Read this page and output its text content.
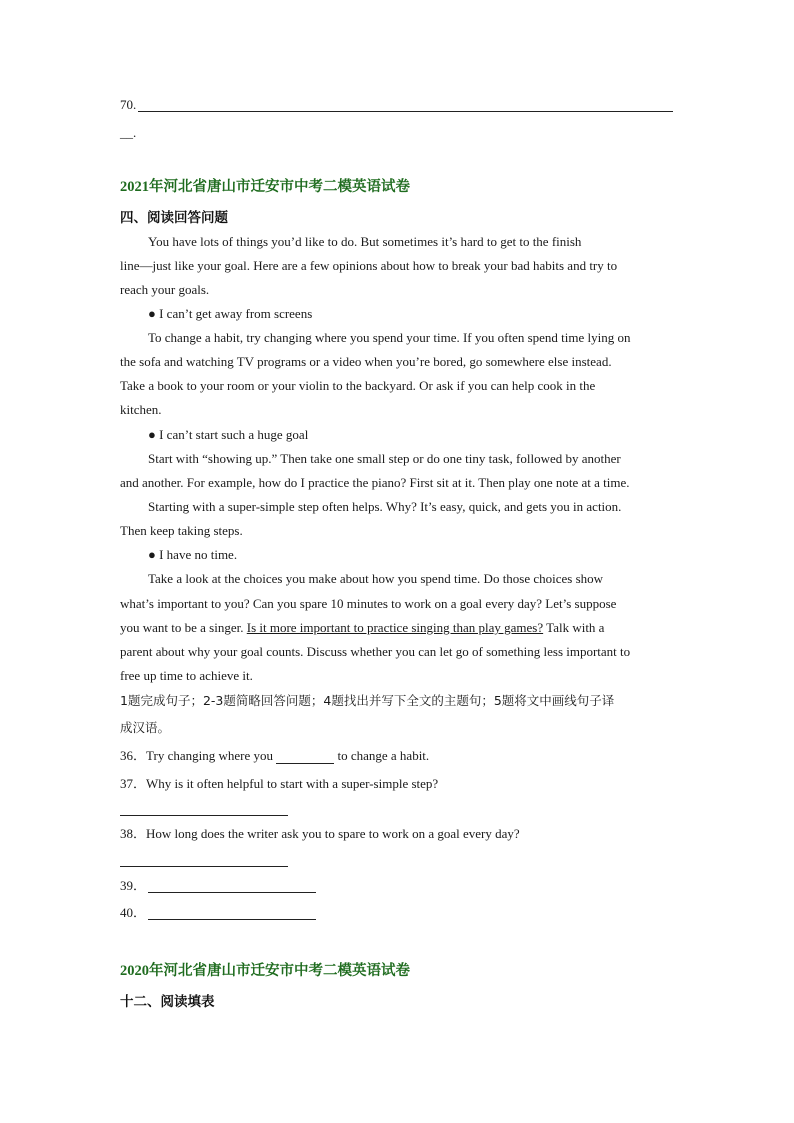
70.
__.
2021年河北省唐山市迁安市中考二模英语试卷
四、阅读回答问题
You have lots of things you’d like to do. But sometimes it’s hard to get to the finish
line—just like your goal. Here are a few opinions about how to break your bad habits and try to
reach your goals.
● I can’t get away from screens
To change a habit, try changing where you spend your time. If you often spend time lying on
the sofa and watching TV programs or a video when you’re bored, go somewhere else instead.
Take a book to your room or your violin to the backyard. Or ask if you can help cook in the
kitchen.
● I can’t start such a huge goal
Start with “showing up.” Then take one small step or do one tiny task, followed by another
and another. For example, how do I practice the piano? First sit at it. Then play one note at a time.
Starting with a super-simple step often helps. Why? It’s easy, quick, and gets you in action.
Then keep taking steps.
● I have no time.
Take a look at the choices you make about how you spend time. Do those choices show
what’s important to you? Can you spare 10 minutes to work on a goal every day? Let’s suppose
you want to be a singer. Is it more important to practice singing than play games? Talk with a
parent about why your goal counts. Discuss whether you can let go of something less important to
free up time to achieve it.
1题完成句子；2-3题简略回答问题；4题找出并写下全文的主题句；5题将文中画线句子译
成汉语。
36．Try changing where you	to change a habit.
37．Why is it often helpful to start with a super-simple step?
38．How long does the writer ask you to spare to work on a goal every day?
39．
40．
2020年河北省唐山市迁安市中考二模英语试卷
十二、阅读填表
